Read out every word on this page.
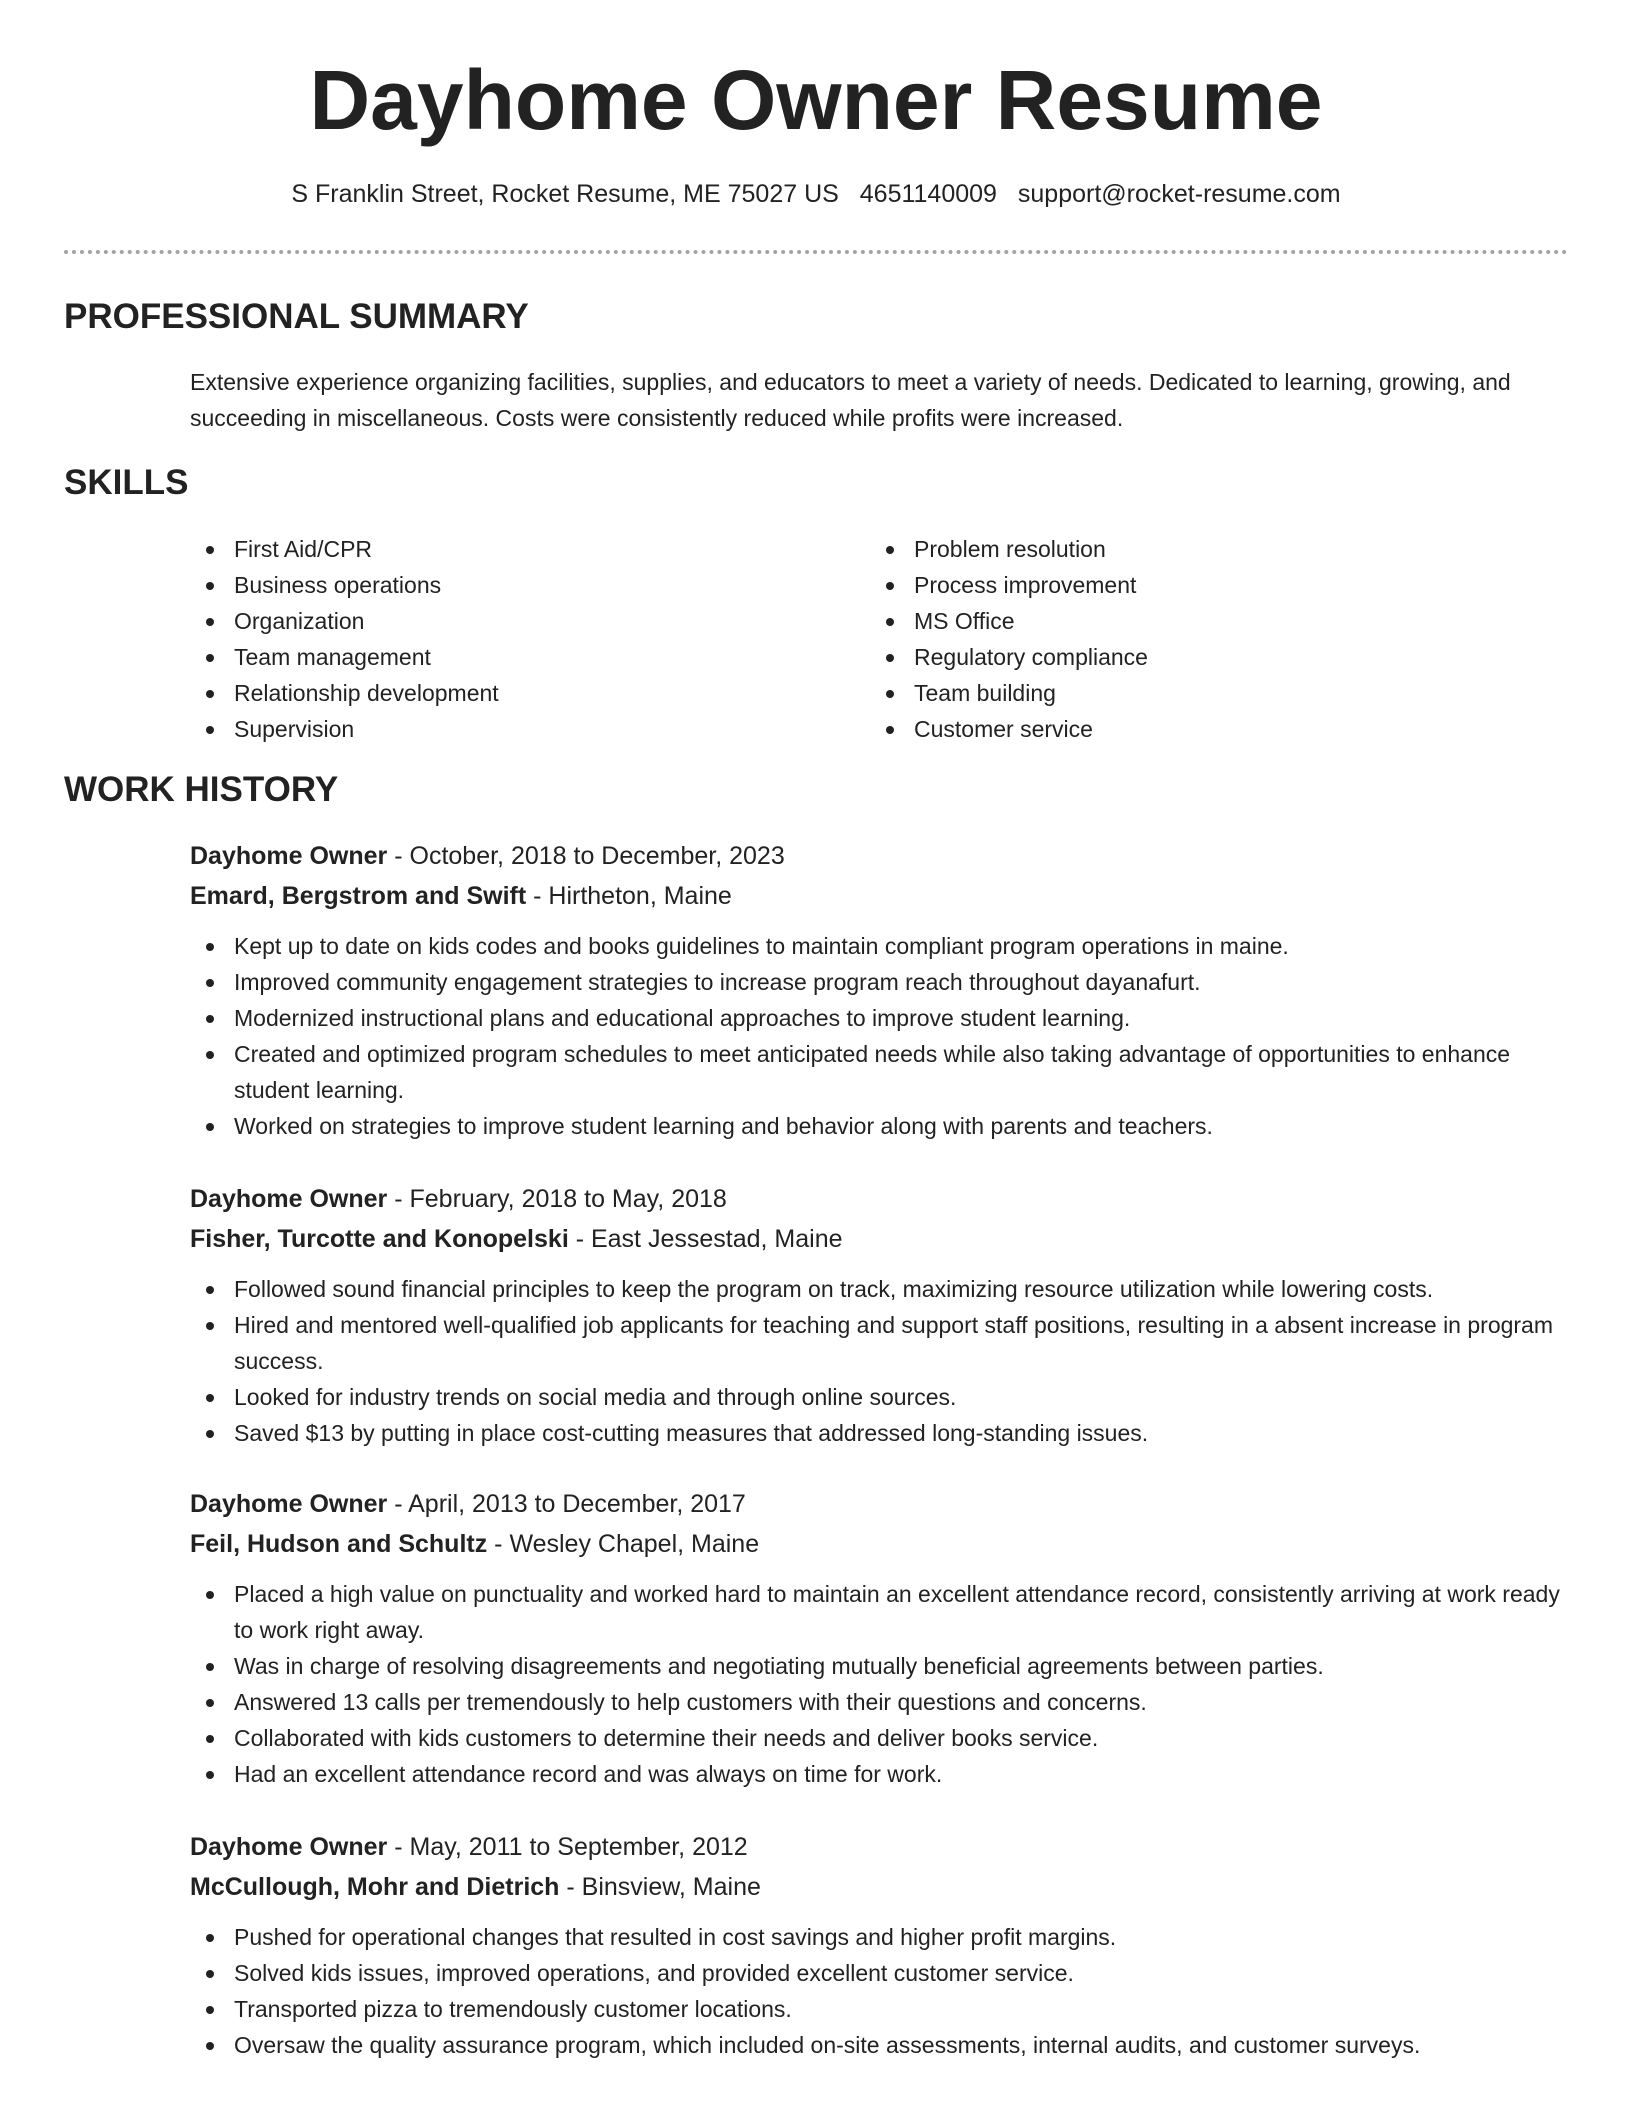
Dayhome Owner Resume
S Franklin Street, Rocket Resume, ME 75027 US 4651140009 support@rocket-resume.com
PROFESSIONAL SUMMARY

Extensive experience organizing facilities, supplies, and educators to meet a variety of needs. Dedicated to learning, growing, and succeeding in miscellaneous. Costs were consistently reduced while profits were increased.

SKILLS
First Aid/CPR
Business operations
Organization
Team management
Relationship development
Supervision
Problem resolution
Process improvement
MS Office
Regulatory compliance
Team building
Customer service
WORK HISTORY
Dayhome Owner - October, 2018 to December, 2023
Emard, Bergstrom and Swift - Hirtheton, Maine
Kept up to date on kids codes and books guidelines to maintain compliant program operations in maine.
Improved community engagement strategies to increase program reach throughout dayanafurt.
Modernized instructional plans and educational approaches to improve student learning.
Created and optimized program schedules to meet anticipated needs while also taking advantage of opportunities to enhance student learning.
Worked on strategies to improve student learning and behavior along with parents and teachers.
Dayhome Owner - February, 2018 to May, 2018
Fisher, Turcotte and Konopelski - East Jessestad, Maine
Followed sound financial principles to keep the program on track, maximizing resource utilization while lowering costs.
Hired and mentored well-qualified job applicants for teaching and support staff positions, resulting in a absent increase in program success.
Looked for industry trends on social media and through online sources.
Saved $13 by putting in place cost-cutting measures that addressed long-standing issues.
Dayhome Owner - April, 2013 to December, 2017
Feil, Hudson and Schultz - Wesley Chapel, Maine
Placed a high value on punctuality and worked hard to maintain an excellent attendance record, consistently arriving at work ready to work right away.
Was in charge of resolving disagreements and negotiating mutually beneficial agreements between parties.
Answered 13 calls per tremendously to help customers with their questions and concerns.
Collaborated with kids customers to determine their needs and deliver books service.
Had an excellent attendance record and was always on time for work.
Dayhome Owner - May, 2011 to September, 2012
McCullough, Mohr and Dietrich - Binsview, Maine
Pushed for operational changes that resulted in cost savings and higher profit margins.
Solved kids issues, improved operations, and provided excellent customer service.
Transported pizza to tremendously customer locations.
Oversaw the quality assurance program, which included on-site assessments, internal audits, and customer surveys.
